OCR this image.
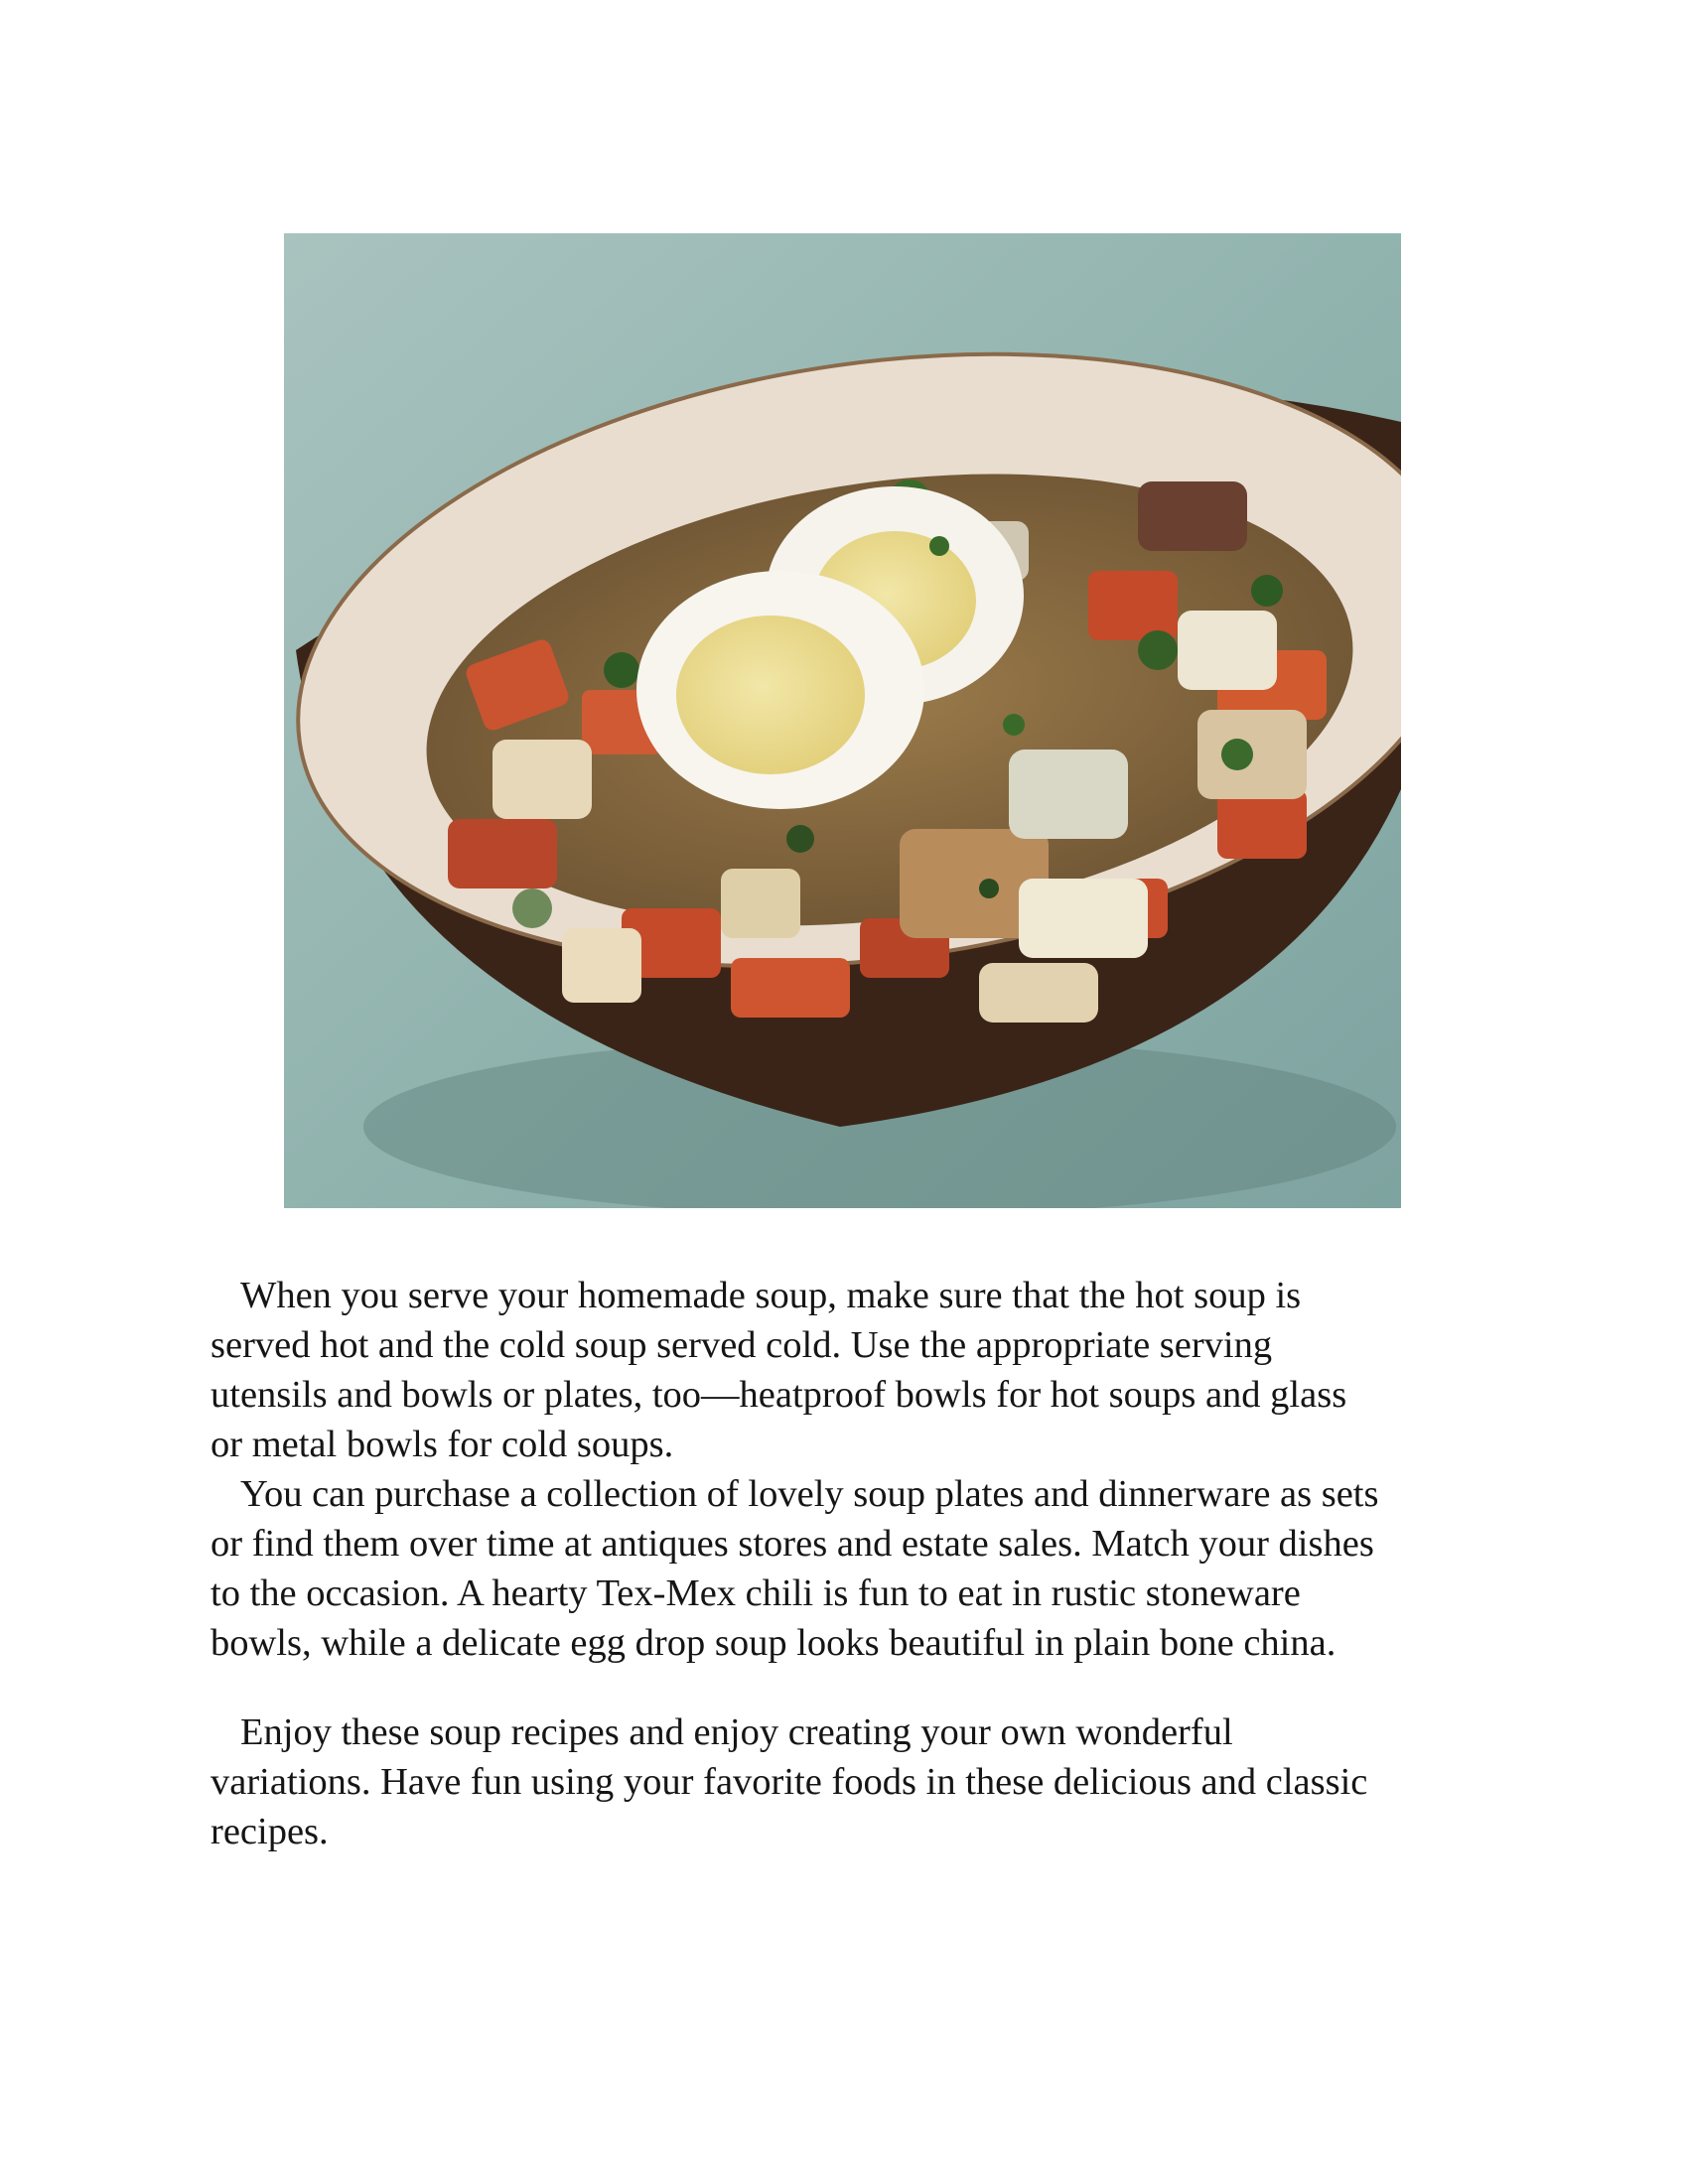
When you serve your homemade soup, make sure that the hot soup is
served hot and the cold soup served cold. Use the appropriate serving
utensils and bowls or plates, too—heatproof bowls for hot soups and glass
or metal bowls for cold soups.

You can purchase a collection of lovely soup plates and dinnerware as sets
or find them over time at antiques stores and estate sales. Match your dishes
to the occasion. A hearty Tex-Mex chili is fun to eat in rustic stoneware
bowls, while a delicate egg drop soup looks beautiful in plain bone china.

Enjoy these soup recipes and enjoy creating your own wonderful
variations. Have fun using your favorite foods in these delicious and classic
recipes.
